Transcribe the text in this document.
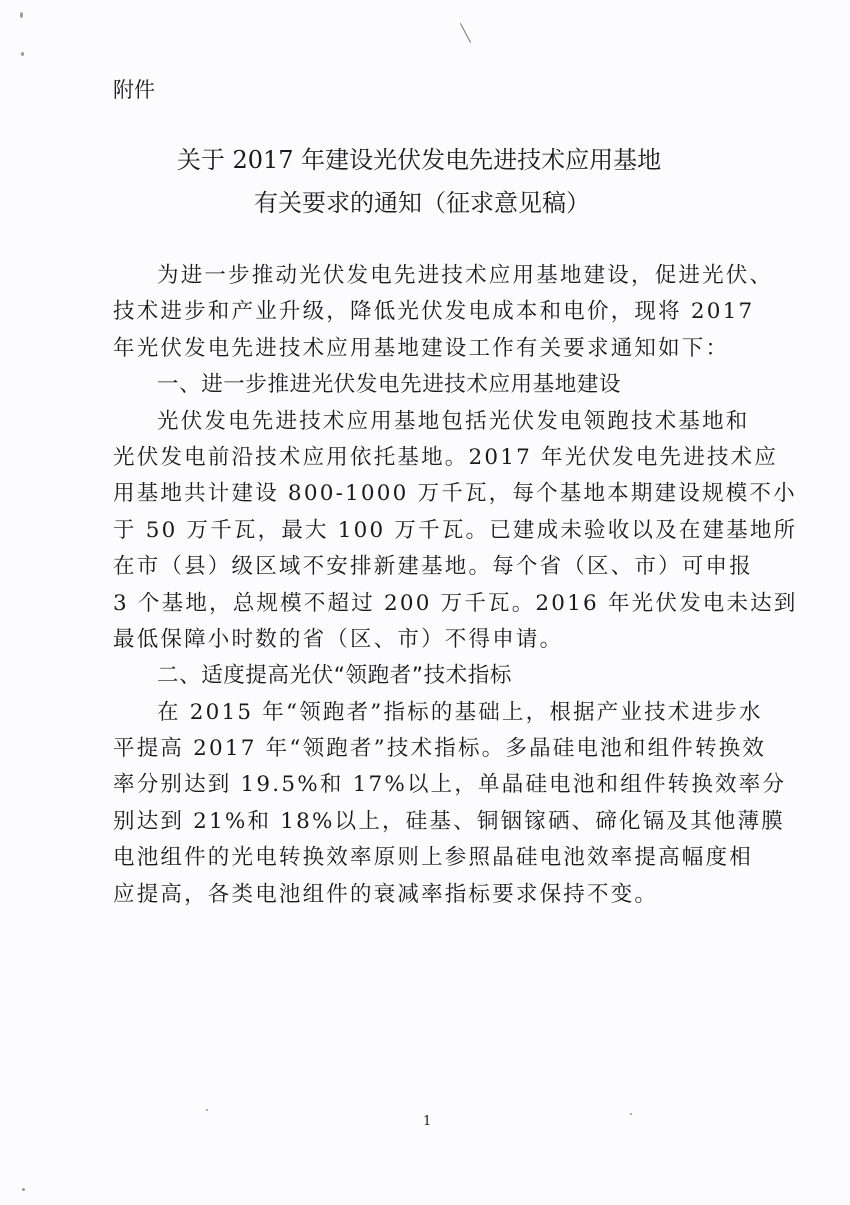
附件
关于 2017 年建设光伏发电先进技术应用基地
有关要求的通知（征求意见稿）
为进一步推动光伏发电先进技术应用基地建设，促进光伏、
技术进步和产业升级，降低光伏发电成本和电价，现将 2017
年光伏发电先进技术应用基地建设工作有关要求通知如下：
一、进一步推进光伏发电先进技术应用基地建设
光伏发电先进技术应用基地包括光伏发电领跑技术基地和
光伏发电前沿技术应用依托基地。2017 年光伏发电先进技术应
用基地共计建设 800-1000 万千瓦，每个基地本期建设规模不小
于 50 万千瓦，最大 100 万千瓦。已建成未验收以及在建基地所
在市（县）级区域不安排新建基地。每个省（区、市）可申报
3 个基地，总规模不超过 200 万千瓦。2016 年光伏发电未达到
最低保障小时数的省（区、市）不得申请。
二、适度提高光伏“领跑者”技术指标
在 2015 年“领跑者”指标的基础上，根据产业技术进步水
平提高 2017 年“领跑者”技术指标。多晶硅电池和组件转换效
率分别达到 19.5%和 17%以上，单晶硅电池和组件转换效率分
别达到 21%和 18%以上，硅基、铜铟镓硒、碲化镉及其他薄膜
电池组件的光电转换效率原则上参照晶硅电池效率提高幅度相
应提高，各类电池组件的衰减率指标要求保持不变。
1
